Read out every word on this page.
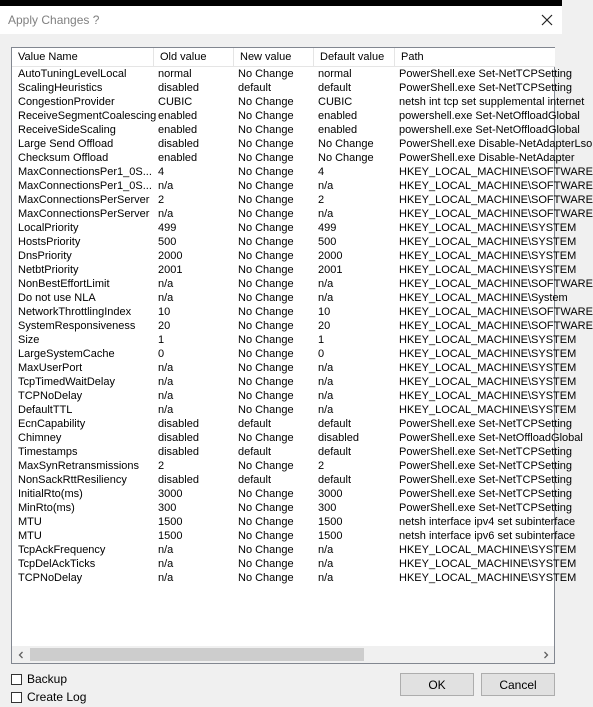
Apply Changes ?
Value Name	Old value	New value	Default value	Path
AutoTuningLevelLocal	normal	No Change	normal	PowerShell.exe Set-NetTCPSetting
ScalingHeuristics	disabled	default	default	PowerShell.exe Set-NetTCPSetting
CongestionProvider	CUBIC	No Change	CUBIC	netsh int tcp set supplemental internet
ReceiveSegmentCoalescing enabled	No Change	enabled	powershell.exe Set-NetOffloadGlobal
ReceiveSideScaling	enabled	No Change	enabled	powershell.exe Set-NetOffloadGlobal
Large Send Offload	disabled	No Change	No Change	PowerShell.exe Disable-NetAdapterLso
Checksum Offload	enabled	No Change	No Change	PowerShell.exe Disable-NetAdapter
MaxConnectionsPer1_0S... 4	No Change	4	HKEY_LOCAL_MACHINE\SOFTWARE
MaxConnectionsPer1_0S... n/a	No Change	n/a	HKEY_LOCAL_MACHINE\SOFTWARE
MaxConnectionsPerServer 2	No Change	2	HKEY_LOCAL_MACHINE\SOFTWARE
MaxConnectionsPerServer n/a	No Change	n/a	HKEY_LOCAL_MACHINE\SOFTWARE
LocalPriority	499	No Change	499	HKEY_LOCAL_MACHINE\SYSTEM
HostsPriority	500	No Change	500	HKEY_LOCAL_MACHINE\SYSTEM
DnsPriority	2000	No Change	2000	HKEY_LOCAL_MACHINE\SYSTEM
NetbtPriority	2001	No Change	2001	HKEY_LOCAL_MACHINE\SYSTEM
NonBestEffortLimit	n/a	No Change	n/a	HKEY_LOCAL_MACHINE\SOFTWARE
Do not use NLA	n/a	No Change	n/a	HKEY_LOCAL_MACHINE\System
NetworkThrottlingIndex	10	No Change	10	HKEY_LOCAL_MACHINE\SOFTWARE
SystemResponsiveness	20	No Change	20	HKEY_LOCAL_MACHINE\SOFTWARE
Size	1	No Change	1	HKEY_LOCAL_MACHINE\SYSTEM
LargeSystemCache	0	No Change	0	HKEY_LOCAL_MACHINE\SYSTEM
MaxUserPort	n/a	No Change	n/a	HKEY_LOCAL_MACHINE\SYSTEM
TcpTimedWaitDelay	n/a	No Change	n/a	HKEY_LOCAL_MACHINE\SYSTEM
TCPNoDelay	n/a	No Change	n/a	HKEY_LOCAL_MACHINE\SYSTEM
DefaultTTL	n/a	No Change	n/a	HKEY_LOCAL_MACHINE\SYSTEM
EcnCapability	disabled	default	default	PowerShell.exe Set-NetTCPSetting
Chimney	disabled	No Change	disabled	PowerShell.exe Set-NetOffloadGlobal
Timestamps	disabled	default	default	PowerShell.exe Set-NetTCPSetting
MaxSynRetransmissions	2	No Change	2	PowerShell.exe Set-NetTCPSetting
NonSackRttResiliency	disabled	default	default	PowerShell.exe Set-NetTCPSetting
InitialRto(ms)	3000	No Change	3000	PowerShell.exe Set-NetTCPSetting
MinRto(ms)	300	No Change	300	PowerShell.exe Set-NetTCPSetting
MTU	1500	No Change	1500	netsh interface ipv4 set subinterface
MTU	1500	No Change	1500	netsh interface ipv6 set subinterface
TcpAckFrequency	n/a	No Change	n/a	HKEY_LOCAL_MACHINE\SYSTEM
TcpDelAckTicks	n/a	No Change	n/a	HKEY_LOCAL_MACHINE\SYSTEM
TCPNoDelay	n/a	No Change	n/a	HKEY_LOCAL_MACHINE\SYSTEM
Backup
Create Log
OK	Cancel
